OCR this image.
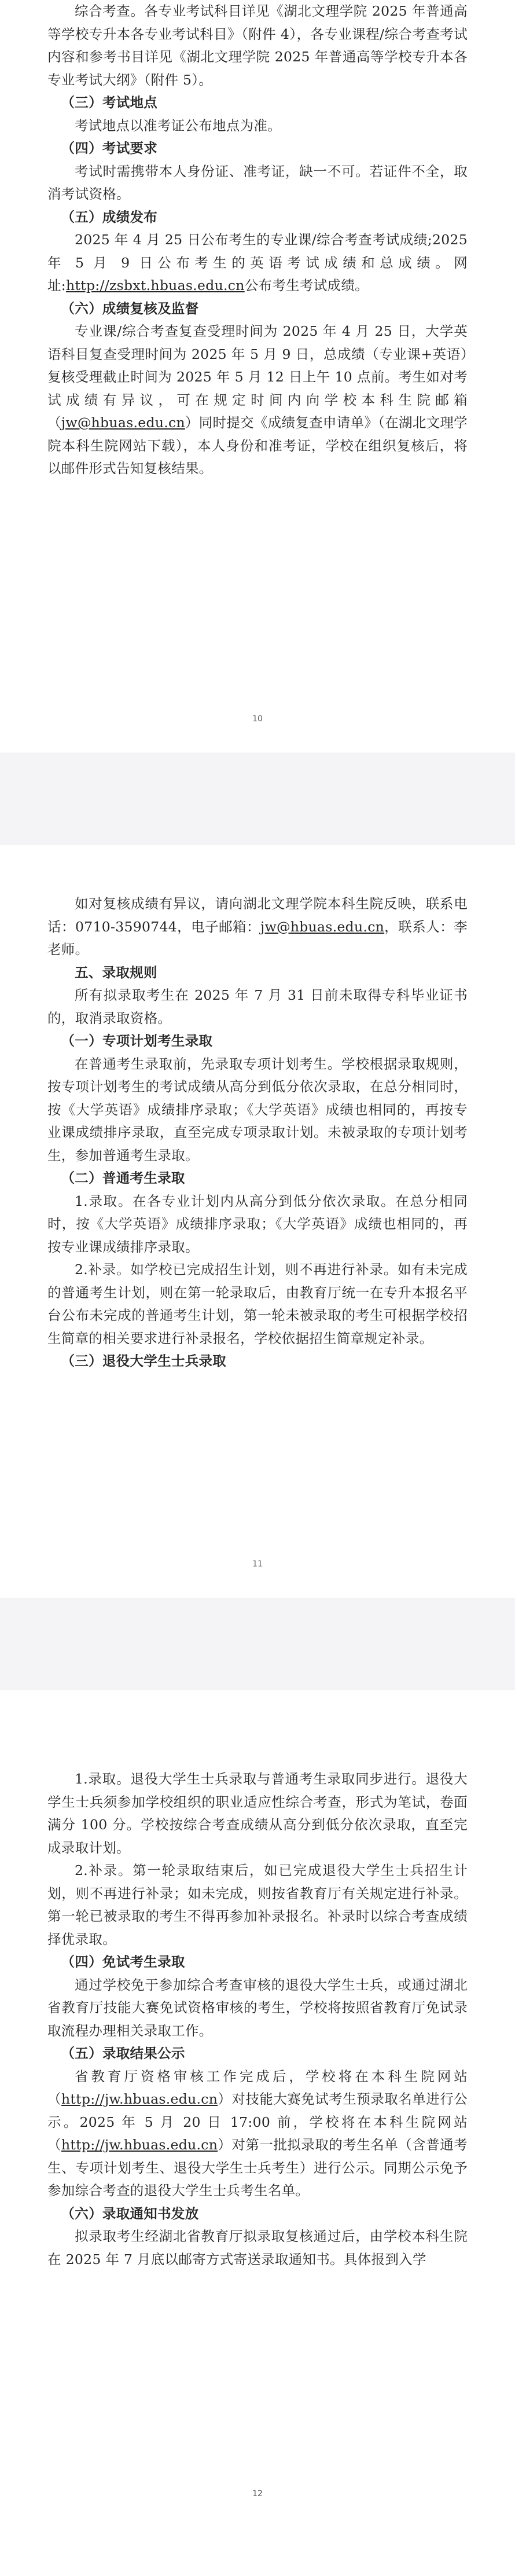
综合考查。各专业考试科目详见《湖北文理学院 2025 年普通高等学校专升本各专业考试科目》（附件 4），各专业课程/综合考查考试内容和参考书目详见《湖北文理学院 2025 年普通高等学校专升本各专业考试大纲》（附件 5）。

（三）考试地点

考试地点以准考证公布地点为准。

（四）考试要求

考试时需携带本人身份证、准考证，缺一不可。若证件不全，取消考试资格。

（五）成绩发布

2025 年 4 月 25 日公布考生的专业课/综合考查考试成绩;2025 年 5 月 9 日公布考生的英语考试成绩和总成绩。网址:http://zsbxt.hbuas.edu.cn公布考生考试成绩。

（六）成绩复核及监督

专业课/综合考查复查受理时间为 2025 年 4 月 25 日，大学英语科目复查受理时间为 2025 年 5 月 9 日，总成绩（专业课+英语）复核受理截止时间为 2025 年 5 月 12 日上午 10 点前。考生如对考试成绩有异议，可在规定时间内向学校本科生院邮箱（jw@hbuas.edu.cn）同时提交《成绩复查申请单》（在湖北文理学院本科生院网站下载），本人身份和准考证，学校在组织复核后，将以邮件形式告知复核结果。

10

如对复核成绩有异议，请向湖北文理学院本科生院反映，联系电话：0710-3590744，电子邮箱：jw@hbuas.edu.cn，联系人：李老师。

五、录取规则

所有拟录取考生在 2025 年 7 月 31 日前未取得专科毕业证书的，取消录取资格。

（一）专项计划考生录取

在普通考生录取前，先录取专项计划考生。学校根据录取规则，按专项计划考生的考试成绩从高分到低分依次录取，在总分相同时，按《大学英语》成绩排序录取；《大学英语》成绩也相同的，再按专业课成绩排序录取，直至完成专项录取计划。未被录取的专项计划考生，参加普通考生录取。

（二）普通考生录取

1.录取。在各专业计划内从高分到低分依次录取。在总分相同时，按《大学英语》成绩排序录取；《大学英语》成绩也相同的，再按专业课成绩排序录取。

2.补录。如学校已完成招生计划，则不再进行补录。如有未完成的普通考生计划，则在第一轮录取后，由教育厅统一在专升本报名平台公布未完成的普通考生计划，第一轮未被录取的考生可根据学校招生简章的相关要求进行补录报名，学校依据招生简章规定补录。

（三）退役大学生士兵录取

11

1.录取。退役大学生士兵录取与普通考生录取同步进行。退役大学生士兵须参加学校组织的职业适应性综合考查，形式为笔试，卷面满分 100 分。学校按综合考查成绩从高分到低分依次录取，直至完成录取计划。

2.补录。第一轮录取结束后，如已完成退役大学生士兵招生计划，则不再进行补录；如未完成，则按省教育厅有关规定进行补录。第一轮已被录取的考生不得再参加补录报名。补录时以综合考查成绩择优录取。

（四）免试考生录取

通过学校免于参加综合考查审核的退役大学生士兵，或通过湖北省教育厅技能大赛免试资格审核的考生，学校将按照省教育厅免试录取流程办理相关录取工作。

（五）录取结果公示

省教育厅资格审核工作完成后，学校将在本科生院网站（http://jw.hbuas.edu.cn）对技能大赛免试考生预录取名单进行公示。2025 年 5 月 20 日 17:00 前，学校将在本科生院网站（http://jw.hbuas.edu.cn）对第一批拟录取的考生名单（含普通考生、专项计划考生、退役大学生士兵考生）进行公示。同期公示免予参加综合考查的退役大学生士兵考生名单。

（六）录取通知书发放

拟录取考生经湖北省教育厅拟录取复核通过后，由学校本科生院在 2025 年 7 月底以邮寄方式寄送录取通知书。具体报到入学

12
